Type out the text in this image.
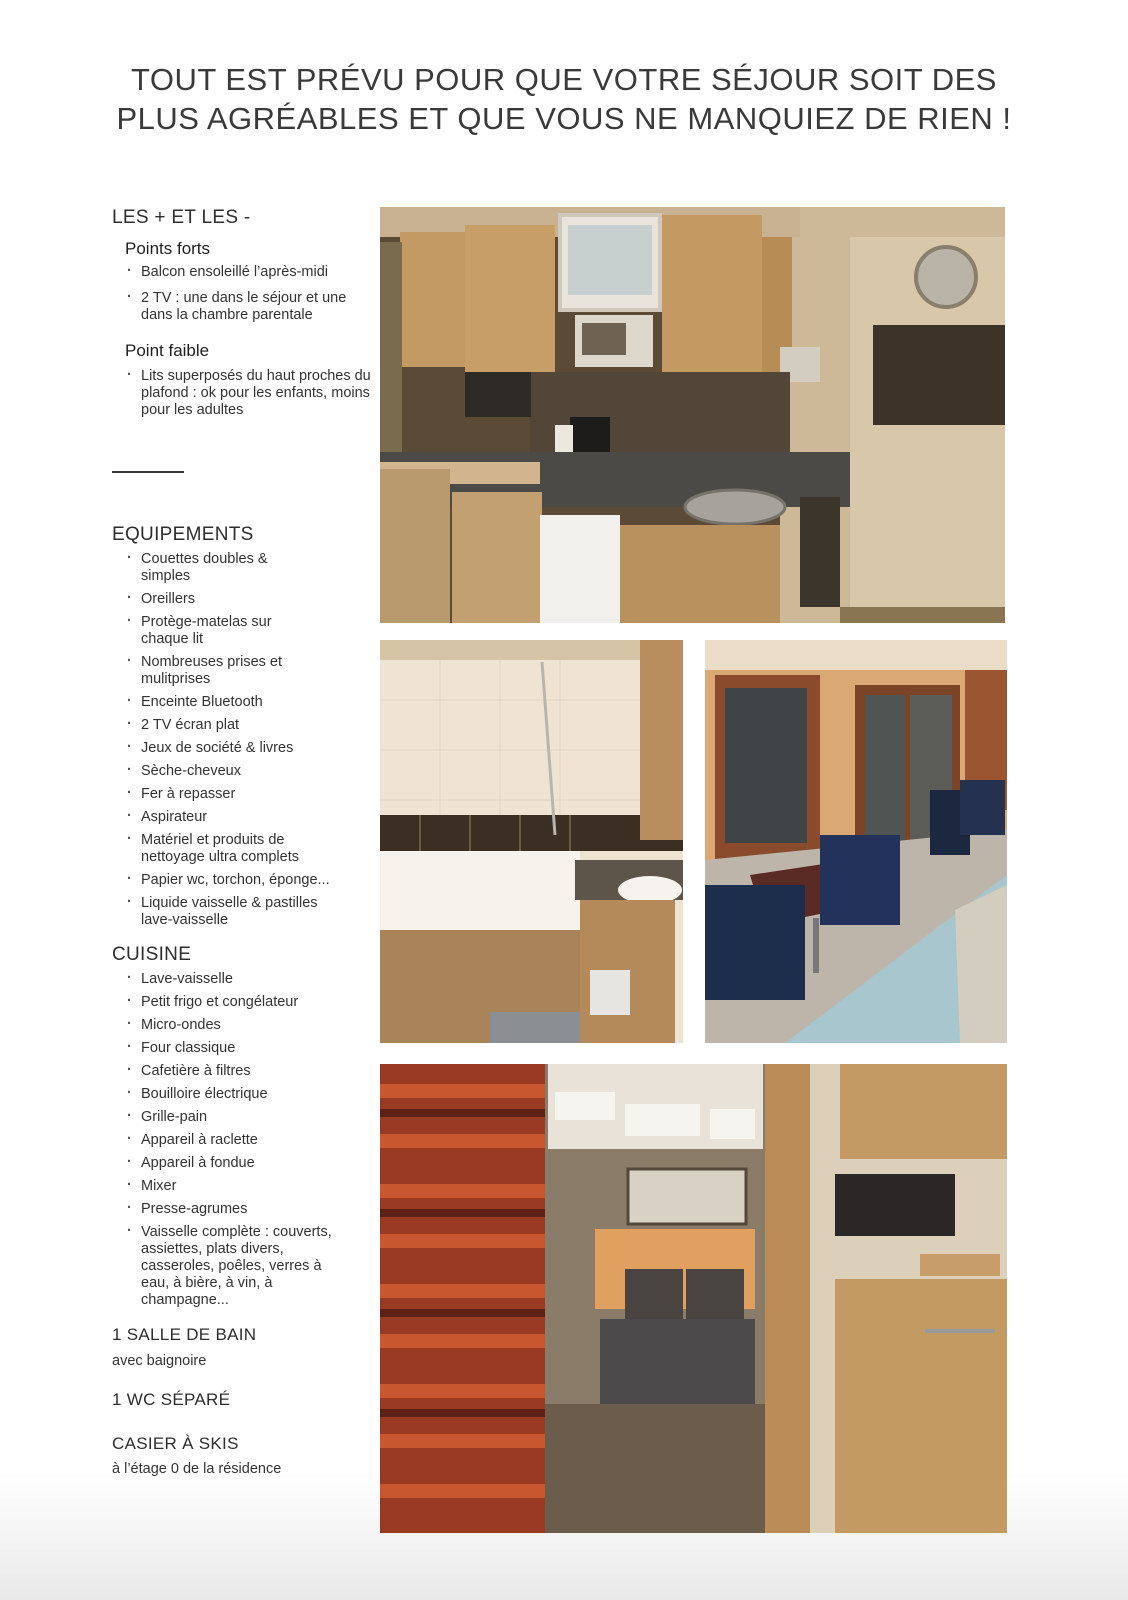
TOUT EST PRÉVU POUR QUE VOTRE SÉJOUR SOIT DES
PLUS AGRÉABLES ET QUE VOUS NE MANQUIEZ DE RIEN !
LES + ET LES -
Points forts
· Balcon ensoleillé l’après-midi
· 2 TV : une dans le séjour et une dans la chambre parentale
Point faible
· Lits superposés du haut proches du plafond : ok pour les enfants, moins pour les adultes
EQUIPEMENTS
· Couettes doubles & simples
· Oreillers
· Protège-matelas sur chaque lit
· Nombreuses prises et mulitprises
· Enceinte Bluetooth
· 2 TV écran plat
· Jeux de société & livres
· Sèche-cheveux
· Fer à repasser
· Aspirateur
· Matériel et produits de nettoyage ultra complets
· Papier wc, torchon, éponge...
· Liquide vaisselle & pastilles lave-vaisselle
CUISINE
· Lave-vaisselle
· Petit frigo et congélateur
· Micro-ondes
· Four classique
· Cafetière à filtres
· Bouilloire électrique
· Grille-pain
· Appareil à raclette
· Appareil à fondue
· Mixer
· Presse-agrumes
· Vaisselle complète : couverts, assiettes, plats divers, casseroles, poêles, verres à eau, à bière, à vin, à champagne...
1 SALLE DE BAIN

avec baignoire

1 WC SÉPARÉ
CASIER À SKIS

à l’étage 0 de la résidence
